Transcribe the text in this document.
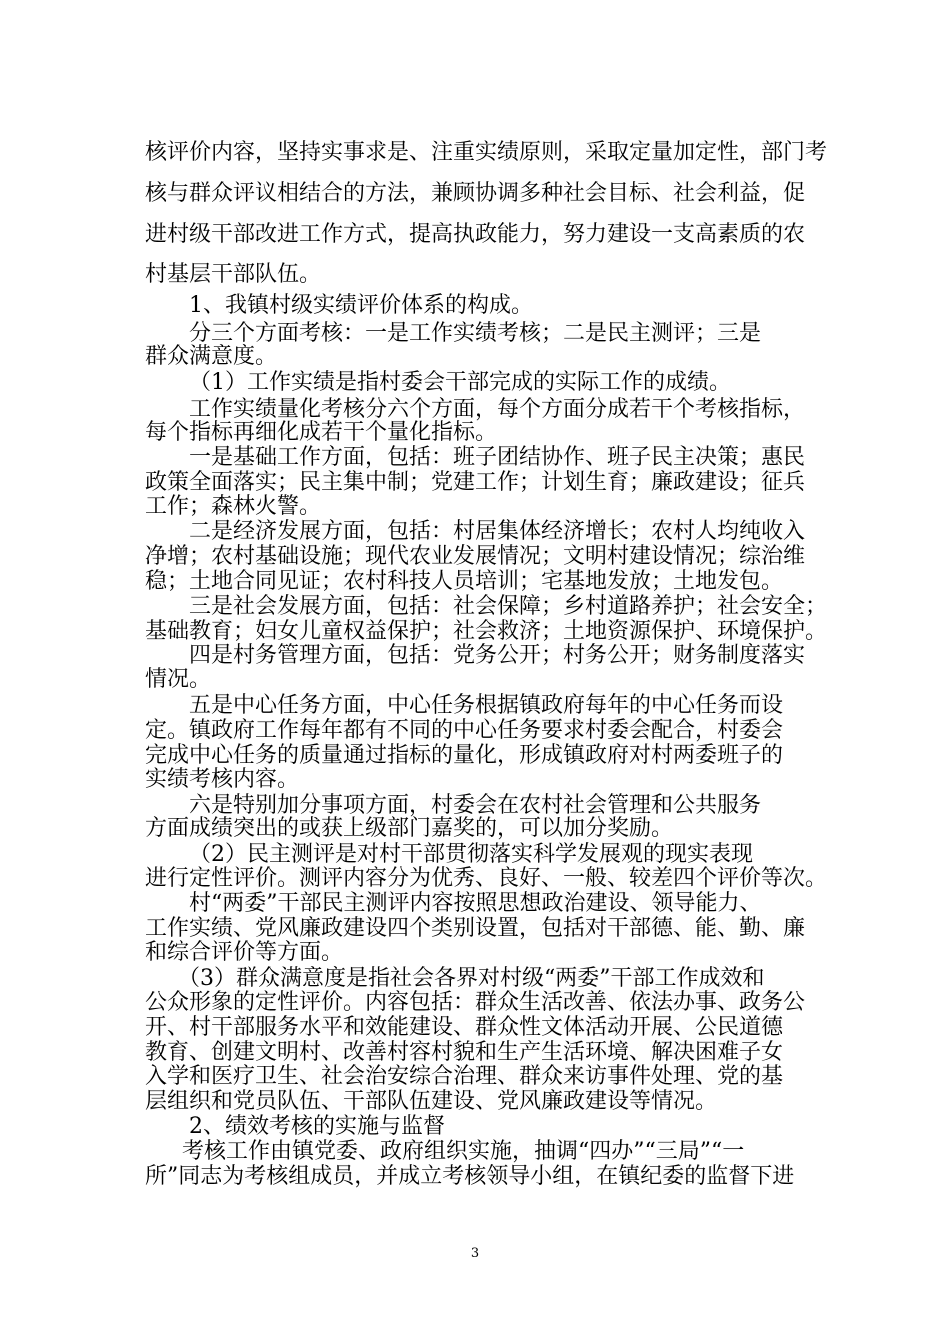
核评价内容，坚持实事求是、注重实绩原则，采取定量加定性，部门考
核与群众评议相结合的方法，兼顾协调多种社会目标、社会利益，促
进村级干部改进工作方式，提高执政能力，努力建设一支高素质的农
村基层干部队伍。
1、我镇村级实绩评价体系的构成。
分三个方面考核：一是工作实绩考核；二是民主测评；三是
群众满意度。
（1）工作实绩是指村委会干部完成的实际工作的成绩。
工作实绩量化考核分六个方面，每个方面分成若干个考核指标，
每个指标再细化成若干个量化指标。
一是基础工作方面，包括：班子团结协作、班子民主决策；惠民
政策全面落实；民主集中制；党建工作；计划生育；廉政建设；征兵
工作；森林火警。
二是经济发展方面，包括：村居集体经济增长；农村人均纯收入
净增；农村基础设施；现代农业发展情况；文明村建设情况；综治维
稳；土地合同见证；农村科技人员培训；宅基地发放；土地发包。
三是社会发展方面，包括：社会保障；乡村道路养护；社会安全；
基础教育；妇女儿童权益保护；社会救济；土地资源保护、环境保护。
四是村务管理方面，包括：党务公开；村务公开；财务制度落实
情况。
五是中心任务方面，中心任务根据镇政府每年的中心任务而设
定。镇政府工作每年都有不同的中心任务要求村委会配合，村委会
完成中心任务的质量通过指标的量化，形成镇政府对村两委班子的
实绩考核内容。
六是特别加分事项方面，村委会在农村社会管理和公共服务
方面成绩突出的或获上级部门嘉奖的，可以加分奖励。
（2）民主测评是对村干部贯彻落实科学发展观的现实表现
进行定性评价。测评内容分为优秀、良好、一般、较差四个评价等次。
村“两委”干部民主测评内容按照思想政治建设、领导能力、
工作实绩、党风廉政建设四个类别设置，包括对干部德、能、勤、廉
和综合评价等方面。
（3）群众满意度是指社会各界对村级“两委”干部工作成效和
公众形象的定性评价。内容包括：群众生活改善、依法办事、政务公
开、村干部服务水平和效能建设、群众性文体活动开展、公民道德
教育、创建文明村、改善村容村貌和生产生活环境、解决困难子女
入学和医疗卫生、社会治安综合治理、群众来访事件处理、党的基
层组织和党员队伍、干部队伍建设、党风廉政建设等情况。
2、绩效考核的实施与监督
考核工作由镇党委、政府组织实施，抽调“四办”“三局”“一
所”同志为考核组成员，并成立考核领导小组，在镇纪委的监督下进
3
